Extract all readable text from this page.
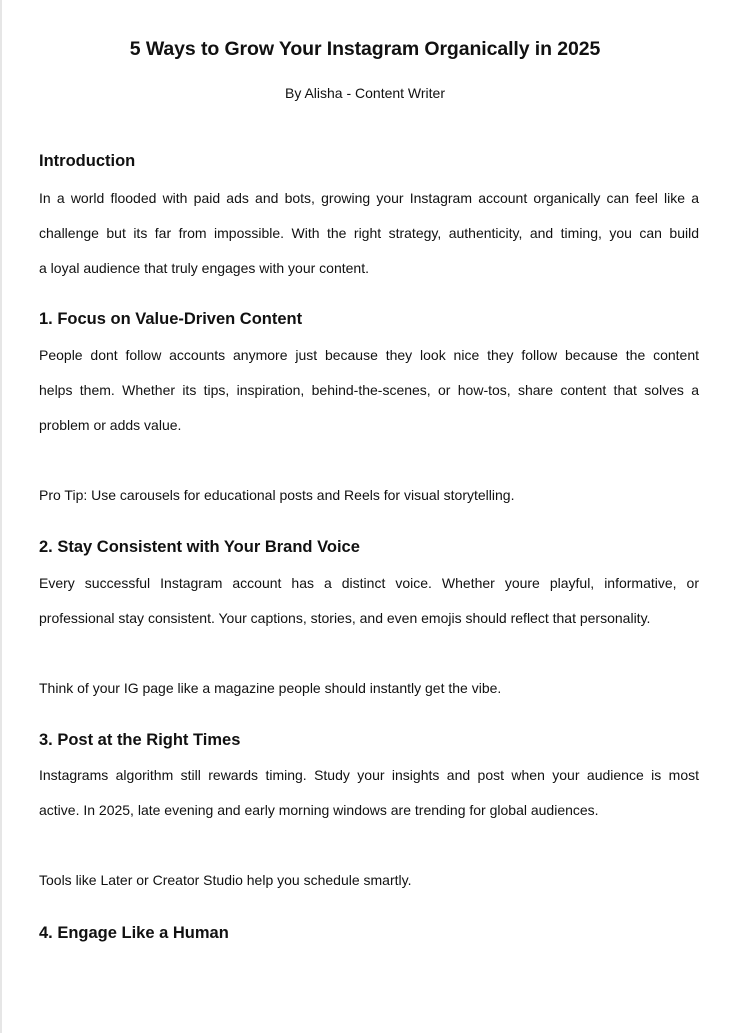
5 Ways to Grow Your Instagram Organically in 2025
By Alisha - Content Writer
Introduction
In a world flooded with paid ads and bots, growing your Instagram account organically can feel like a
challenge but its far from impossible. With the right strategy, authenticity, and timing, you can build
a loyal audience that truly engages with your content.
1. Focus on Value-Driven Content
People dont follow accounts anymore just because they look nice they follow because the content
helps them. Whether its tips, inspiration, behind-the-scenes, or how-tos, share content that solves a
problem or adds value.
Pro Tip: Use carousels for educational posts and Reels for visual storytelling.
2. Stay Consistent with Your Brand Voice
Every successful Instagram account has a distinct voice. Whether youre playful, informative, or
professional stay consistent. Your captions, stories, and even emojis should reflect that personality.
Think of your IG page like a magazine people should instantly get the vibe.
3. Post at the Right Times
Instagrams algorithm still rewards timing. Study your insights and post when your audience is most
active. In 2025, late evening and early morning windows are trending for global audiences.
Tools like Later or Creator Studio help you schedule smartly.
4. Engage Like a Human
